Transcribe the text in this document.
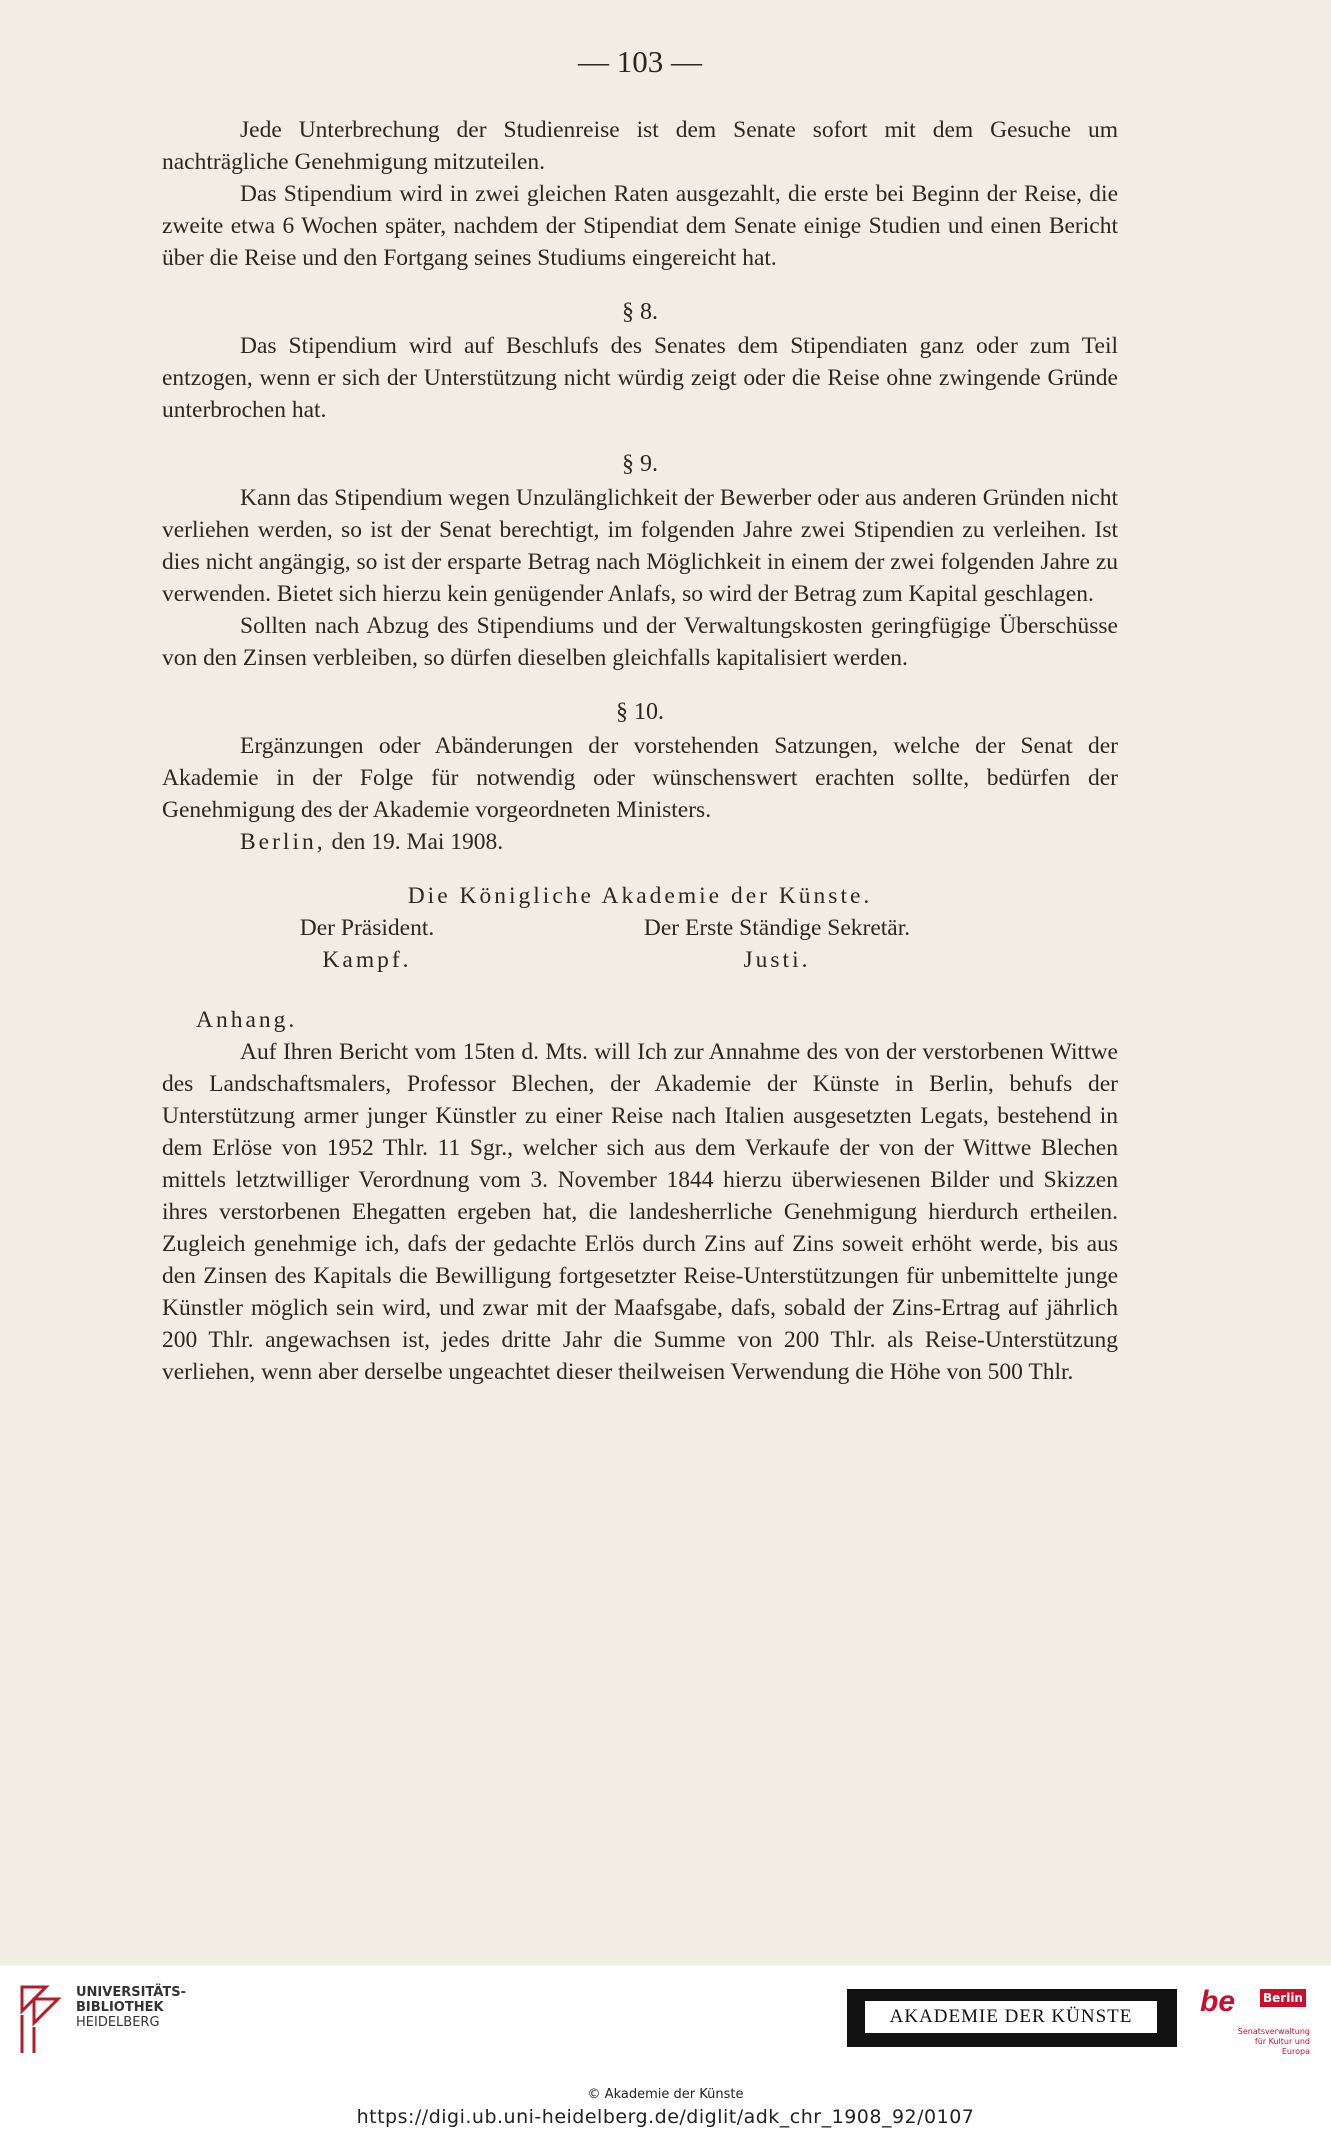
— 103 —

Jede Unterbrechung der Studienreise ist dem Senate sofort mit dem Gesuche um nachträgliche Genehmigung mitzuteilen.

Das Stipendium wird in zwei gleichen Raten ausgezahlt, die erste bei Beginn der Reise, die zweite etwa 6 Wochen später, nachdem der Stipendiat dem Senate einige Studien und einen Bericht über die Reise und den Fortgang seines Studiums eingereicht hat.

§ 8.

Das Stipendium wird auf Beschlufs des Senates dem Stipendiaten ganz oder zum Teil entzogen, wenn er sich der Unterstützung nicht würdig zeigt oder die Reise ohne zwingende Gründe unterbrochen hat.

§ 9.

Kann das Stipendium wegen Unzulänglichkeit der Bewerber oder aus anderen Gründen nicht verliehen werden, so ist der Senat berechtigt, im folgenden Jahre zwei Stipendien zu verleihen. Ist dies nicht angängig, so ist der ersparte Betrag nach Möglichkeit in einem der zwei folgenden Jahre zu verwenden. Bietet sich hierzu kein genügender Anlafs, so wird der Betrag zum Kapital geschlagen.

Sollten nach Abzug des Stipendiums und der Verwaltungskosten geringfügige Überschüsse von den Zinsen verbleiben, so dürfen dieselben gleichfalls kapitalisiert werden.

§ 10.

Ergänzungen oder Abänderungen der vorstehenden Satzungen, welche der Senat der Akademie in der Folge für notwendig oder wünschenswert erachten sollte, bedürfen der Genehmigung des der Akademie vorgeordneten Ministers.

Berlin, den 19. Mai 1908.

Die Königliche Akademie der Künste.
Der Präsident.	Der Erste Ständige Sekretär.
Kampf.	Justi.
Anhang.

Auf Ihren Bericht vom 15ten d. Mts. will Ich zur Annahme des von der verstorbenen Wittwe des Landschaftsmalers, Professor Blechen, der Akademie der Künste in Berlin, behufs der Unterstützung armer junger Künstler zu einer Reise nach Italien ausgesetzten Legats, bestehend in dem Erlöse von 1952 Thlr. 11 Sgr., welcher sich aus dem Verkaufe der von der Wittwe Blechen mittels letztwilliger Verordnung vom 3. November 1844 hierzu überwiesenen Bilder und Skizzen ihres verstorbenen Ehegatten ergeben hat, die landesherrliche Genehmigung hierdurch ertheilen. Zugleich genehmige ich, dafs der gedachte Erlös durch Zins auf Zins soweit erhöht werde, bis aus den Zinsen des Kapitals die Bewilligung fortgesetzter Reise-Unterstützungen für unbemittelte junge Künstler möglich sein wird, und zwar mit der Maafsgabe, dafs, sobald der Zins-Ertrag auf jährlich 200 Thlr. angewachsen ist, jedes dritte Jahr die Summe von 200 Thlr. als Reise-Unterstützung verliehen, wenn aber derselbe ungeachtet dieser theilweisen Verwendung die Höhe von 500 Thlr.

UNIVERSITÄTS-
BIBLIOTHEK
HEIDELBERG	AKADEMIE DER KÜNSTE	be Berlin
Senatsverwaltung für Kultur und Europa
© Akademie der Künste
https://digi.ub.uni-heidelberg.de/diglit/adk_chr_1908_92/0107
